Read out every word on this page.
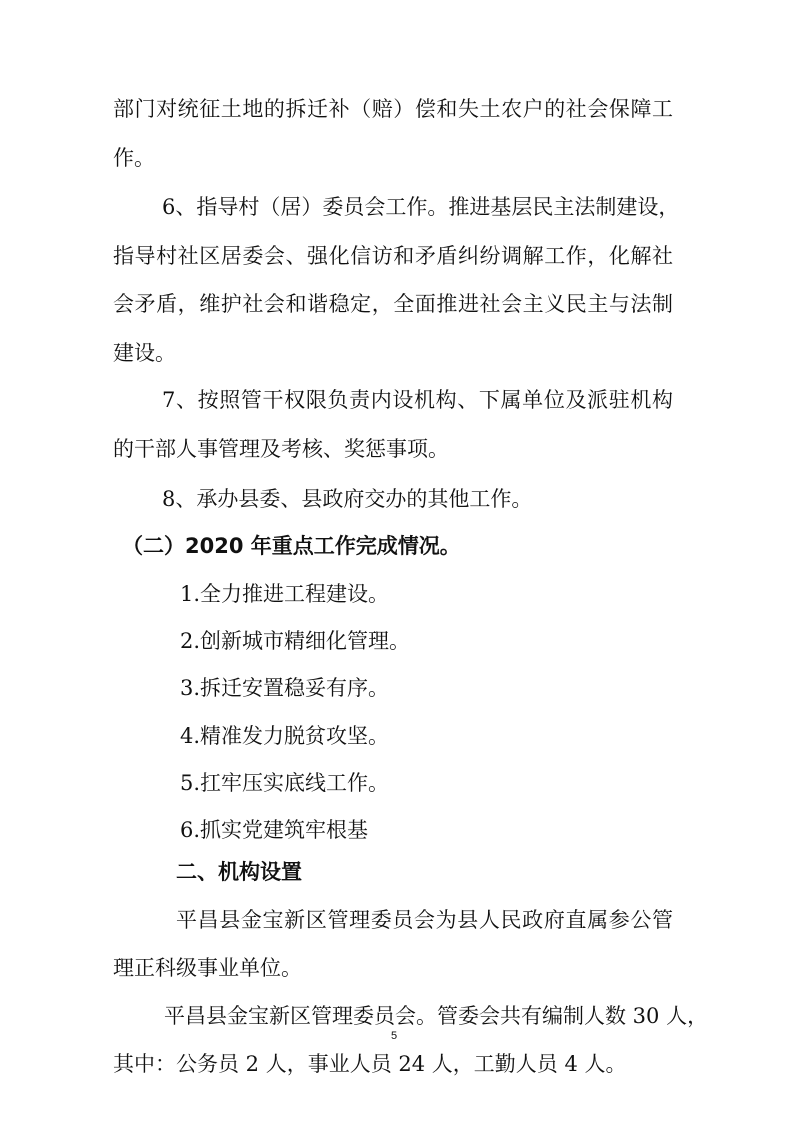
部门对统征土地的拆迁补（赔）偿和失土农户的社会保障工
作。
6、指导村（居）委员会工作。推进基层民主法制建设，
指导村社区居委会、强化信访和矛盾纠纷调解工作，化解社
会矛盾，维护社会和谐稳定，全面推进社会主义民主与法制
建设。
7、按照管干权限负责内设机构、下属单位及派驻机构
的干部人事管理及考核、奖惩事项。
8、承办县委、县政府交办的其他工作。
（二）2020 年重点工作完成情况。
1.全力推进工程建设。
2.创新城市精细化管理。
3.拆迁安置稳妥有序。
4.精准发力脱贫攻坚。
5.扛牢压实底线工作。
6.抓实党建筑牢根基
二、机构设置
平昌县金宝新区管理委员会为县人民政府直属参公管
理正科级事业单位。
平昌县金宝新区管理委员会。管委会共有编制人数 30 人，
其中：公务员 2 人，事业人员 24 人，工勤人员 4 人。
5
